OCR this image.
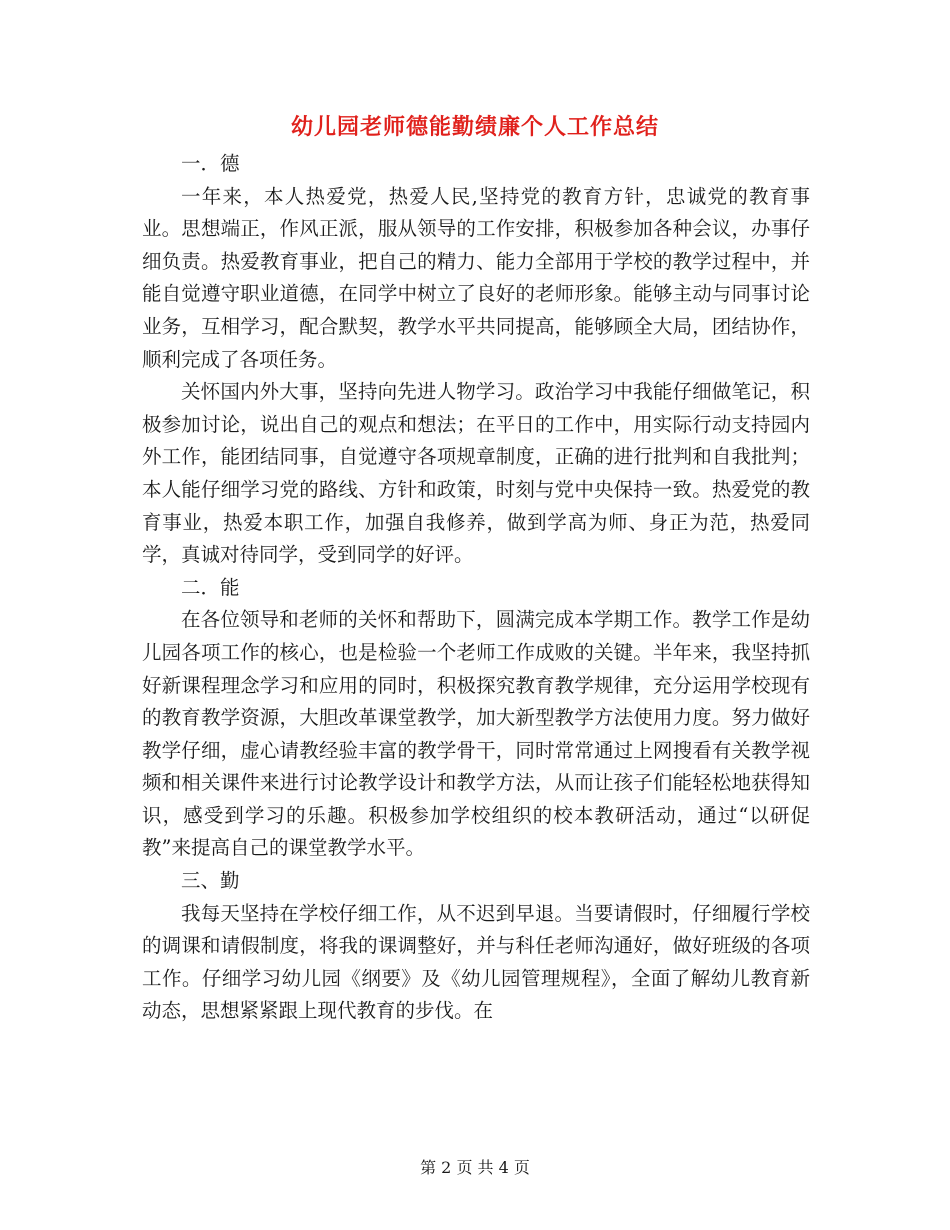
幼儿园老师德能勤绩廉个人工作总结

一．德

一年来，本人热爱党，热爱人民,坚持党的教育方针，忠诚党的教育事业。思想端正，作风正派，服从领导的工作安排，积极参加各种会议，办事仔细负责。热爱教育事业，把自己的精力、能力全部用于学校的教学过程中，并能自觉遵守职业道德，在同学中树立了良好的老师形象。能够主动与同事讨论业务，互相学习，配合默契，教学水平共同提高，能够顾全大局，团结协作，顺利完成了各项任务。

关怀国内外大事，坚持向先进人物学习。政治学习中我能仔细做笔记，积极参加讨论，说出自己的观点和想法；在平日的工作中，用实际行动支持园内外工作，能团结同事，自觉遵守各项规章制度，正确的进行批判和自我批判；本人能仔细学习党的路线、方针和政策，时刻与党中央保持一致。热爱党的教育事业，热爱本职工作，加强自我修养，做到学高为师、身正为范，热爱同学，真诚对待同学，受到同学的好评。

二．能

在各位领导和老师的关怀和帮助下，圆满完成本学期工作。教学工作是幼儿园各项工作的核心，也是检验一个老师工作成败的关键。半年来，我坚持抓好新课程理念学习和应用的同时，积极探究教育教学规律，充分运用学校现有的教育教学资源，大胆改革课堂教学，加大新型教学方法使用力度。努力做好教学仔细，虚心请教经验丰富的教学骨干，同时常常通过上网搜看有关教学视频和相关课件来进行讨论教学设计和教学方法，从而让孩子们能轻松地获得知识，感受到学习的乐趣。积极参加学校组织的校本教研活动，通过“以研促教”来提高自己的课堂教学水平。

三、勤

我每天坚持在学校仔细工作，从不迟到早退。当要请假时，仔细履行学校的调课和请假制度，将我的课调整好，并与科任老师沟通好，做好班级的各项工作。仔细学习幼儿园《纲要》及《幼儿园管理规程》，全面了解幼儿教育新动态，思想紧紧跟上现代教育的步伐。在

第 2 页 共 4 页
